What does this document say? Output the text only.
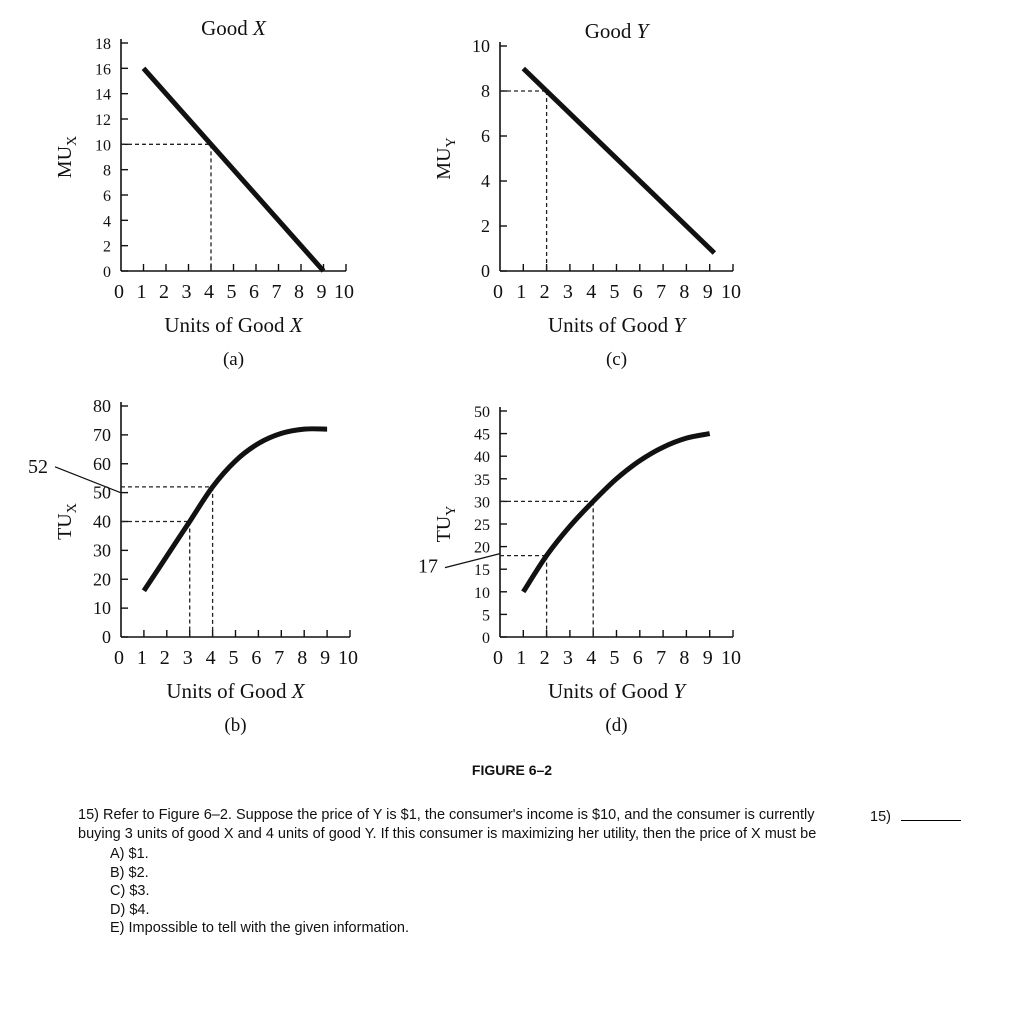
0
2
4
6
8
10
12
14
16
18
0 1 2 3 4 5 6 7 8 9 10
Good X
$MU_X$
Units of Good X
(a)
0
2
4
6
8
10
0 1 2 3 4 5 6 7 8 9 10
Good Y
$MU_Y$
Units of Good Y
(c)
0
10
20
30
40
50
60
70
80
0 1 2 3 4 5 6 7 8 9 10
$TU_X$
Units of Good X
(b)
52
0
5
10
15
20
25
30
35
40
45
50
0 1 2 3 4 5 6 7 8 9 10
$TU_Y$
Units of Good Y
(d)
17
FIGURE 6–2
15) Refer to Figure 6–2. Suppose the price of Y is $1, the consumer's income is $10, and the consumer is currently buying 3 units of good X and 4 units of good Y. If this consumer is maximizing her utility, then the price of X must be
15)
A) $1.
B) $2.
C) $3.
D) $4.
E) Impossible to tell with the given information.
